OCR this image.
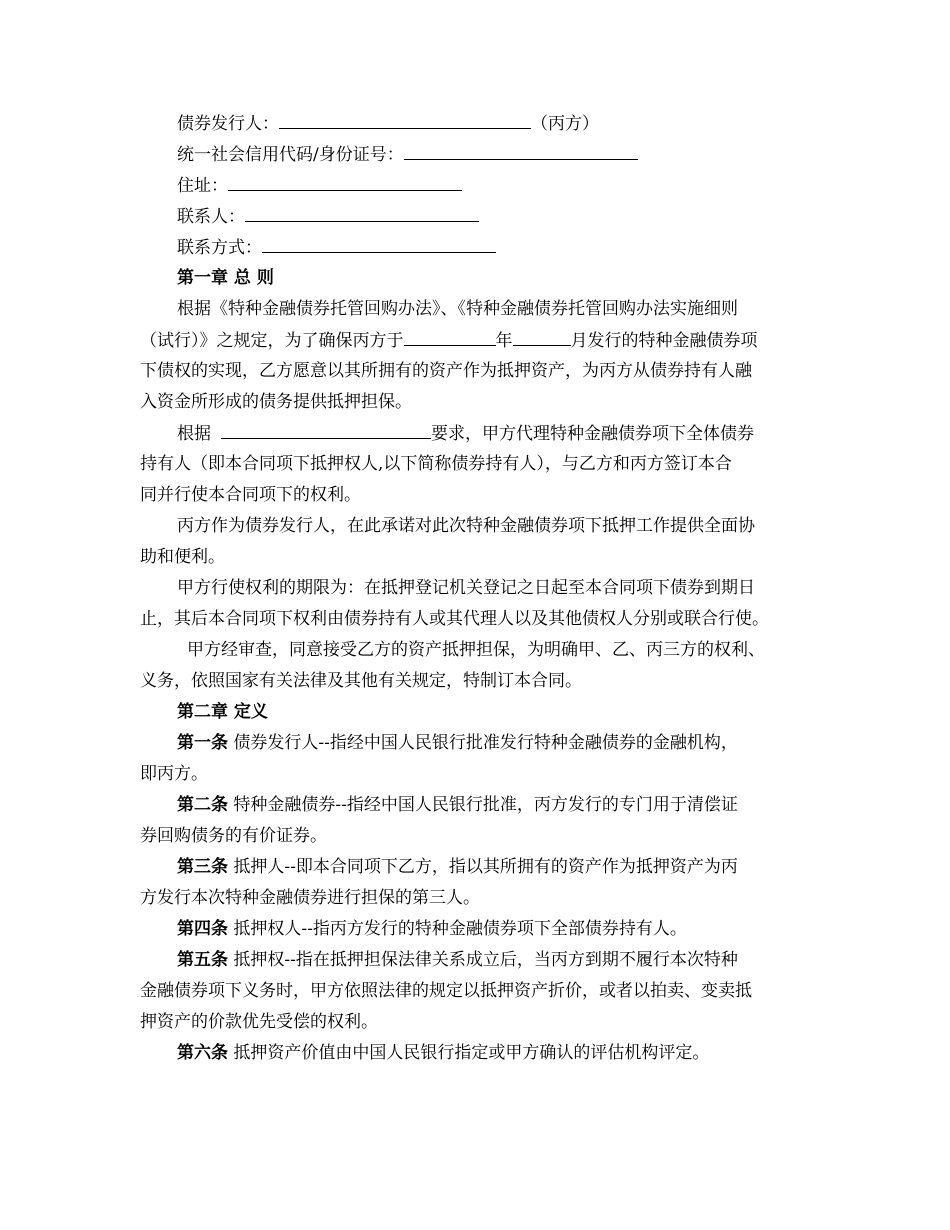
债券发行人：	（丙方）
统一社会信用代码/身份证号：
住址：
联系人：
联系方式：
第一章 总 则
根据《特种金融债券托管回购办法》、《特种金融债券托管回购办法实施细则
（试行）》之规定，为了确保丙方于	年	月发行的特种金融债券项
下债权的实现，乙方愿意以其所拥有的资产作为抵押资产，为丙方从债券持有人融
入资金所形成的债务提供抵押担保。
根据	要求，甲方代理特种金融债券项下全体债券
持有人（即本合同项下抵押权人,以下简称债券持有人），与乙方和丙方签订本合
同并行使本合同项下的权利。
丙方作为债券发行人，在此承诺对此次特种金融债券项下抵押工作提供全面协
助和便利。
甲方行使权利的期限为：在抵押登记机关登记之日起至本合同项下债券到期日
止，其后本合同项下权利由债券持有人或其代理人以及其他债权人分别或联合行使。
甲方经审查，同意接受乙方的资产抵押担保，为明确甲、乙、丙三方的权利、
义务，依照国家有关法律及其他有关规定，特制订本合同。
第二章 定义
第一条 债券发行人--指经中国人民银行批准发行特种金融债券的金融机构，
即丙方。
第二条 特种金融债券--指经中国人民银行批准，丙方发行的专门用于清偿证
券回购债务的有价证券。
第三条 抵押人--即本合同项下乙方，指以其所拥有的资产作为抵押资产为丙
方发行本次特种金融债券进行担保的第三人。
第四条 抵押权人--指丙方发行的特种金融债券项下全部债券持有人。
第五条 抵押权--指在抵押担保法律关系成立后，当丙方到期不履行本次特种
金融债券项下义务时，甲方依照法律的规定以抵押资产折价，或者以拍卖、变卖抵
押资产的价款优先受偿的权利。
第六条 抵押资产价值由中国人民银行指定或甲方确认的评估机构评定。
